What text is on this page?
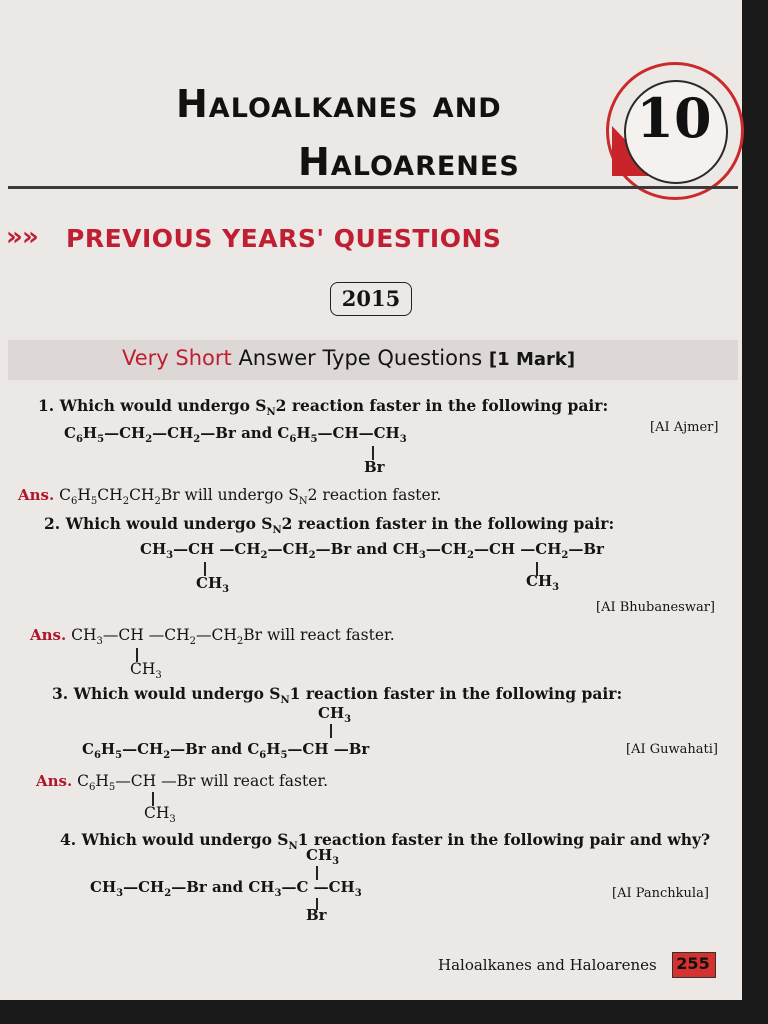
Haloalkanes and
Haloarenes
10
» » PREVIOUS YEARS' QUESTIONS
2015
Very Short Answer Type Questions [1 Mark]
1. Which would undergo $S_N2$ reaction faster in the following pair:
$C_6H_5—CH_2—CH_2—Br$ and $C_6H_5—CH—CH_3$
Br
[AI Ajmer]
Ans. $C_6H_5CH_2CH_2Br$ will undergo $S_N2$ reaction faster.
2. Which would undergo $S_N2$ reaction faster in the following pair:
$CH_3—CH$ $—CH_2—CH_2—Br$ and $CH_3—CH_2—CH$ $—CH_2—Br$
$CH_3$	$CH_3$
[AI Bhubaneswar]
Ans. $CH_3—CH$ $—CH_2—CH_2Br$ will react faster.
$CH_3$
3. Which would undergo $S_N1$ reaction faster in the following pair:
$CH_3$
$C_6H_5—CH_2—Br$ and $C_6H_5—CH$ —Br	[AI Guwahati]
Ans. $C_6H_5—CH$ —Br will react faster.
$CH_3$
4. Which would undergo $S_N1$ reaction faster in the following pair and why?
$CH_3$
$CH_3—CH_2—Br$ and $CH_3—C$ $—CH_3$
Br
[AI Panchkula]
Haloalkanes and Haloarenes 255
